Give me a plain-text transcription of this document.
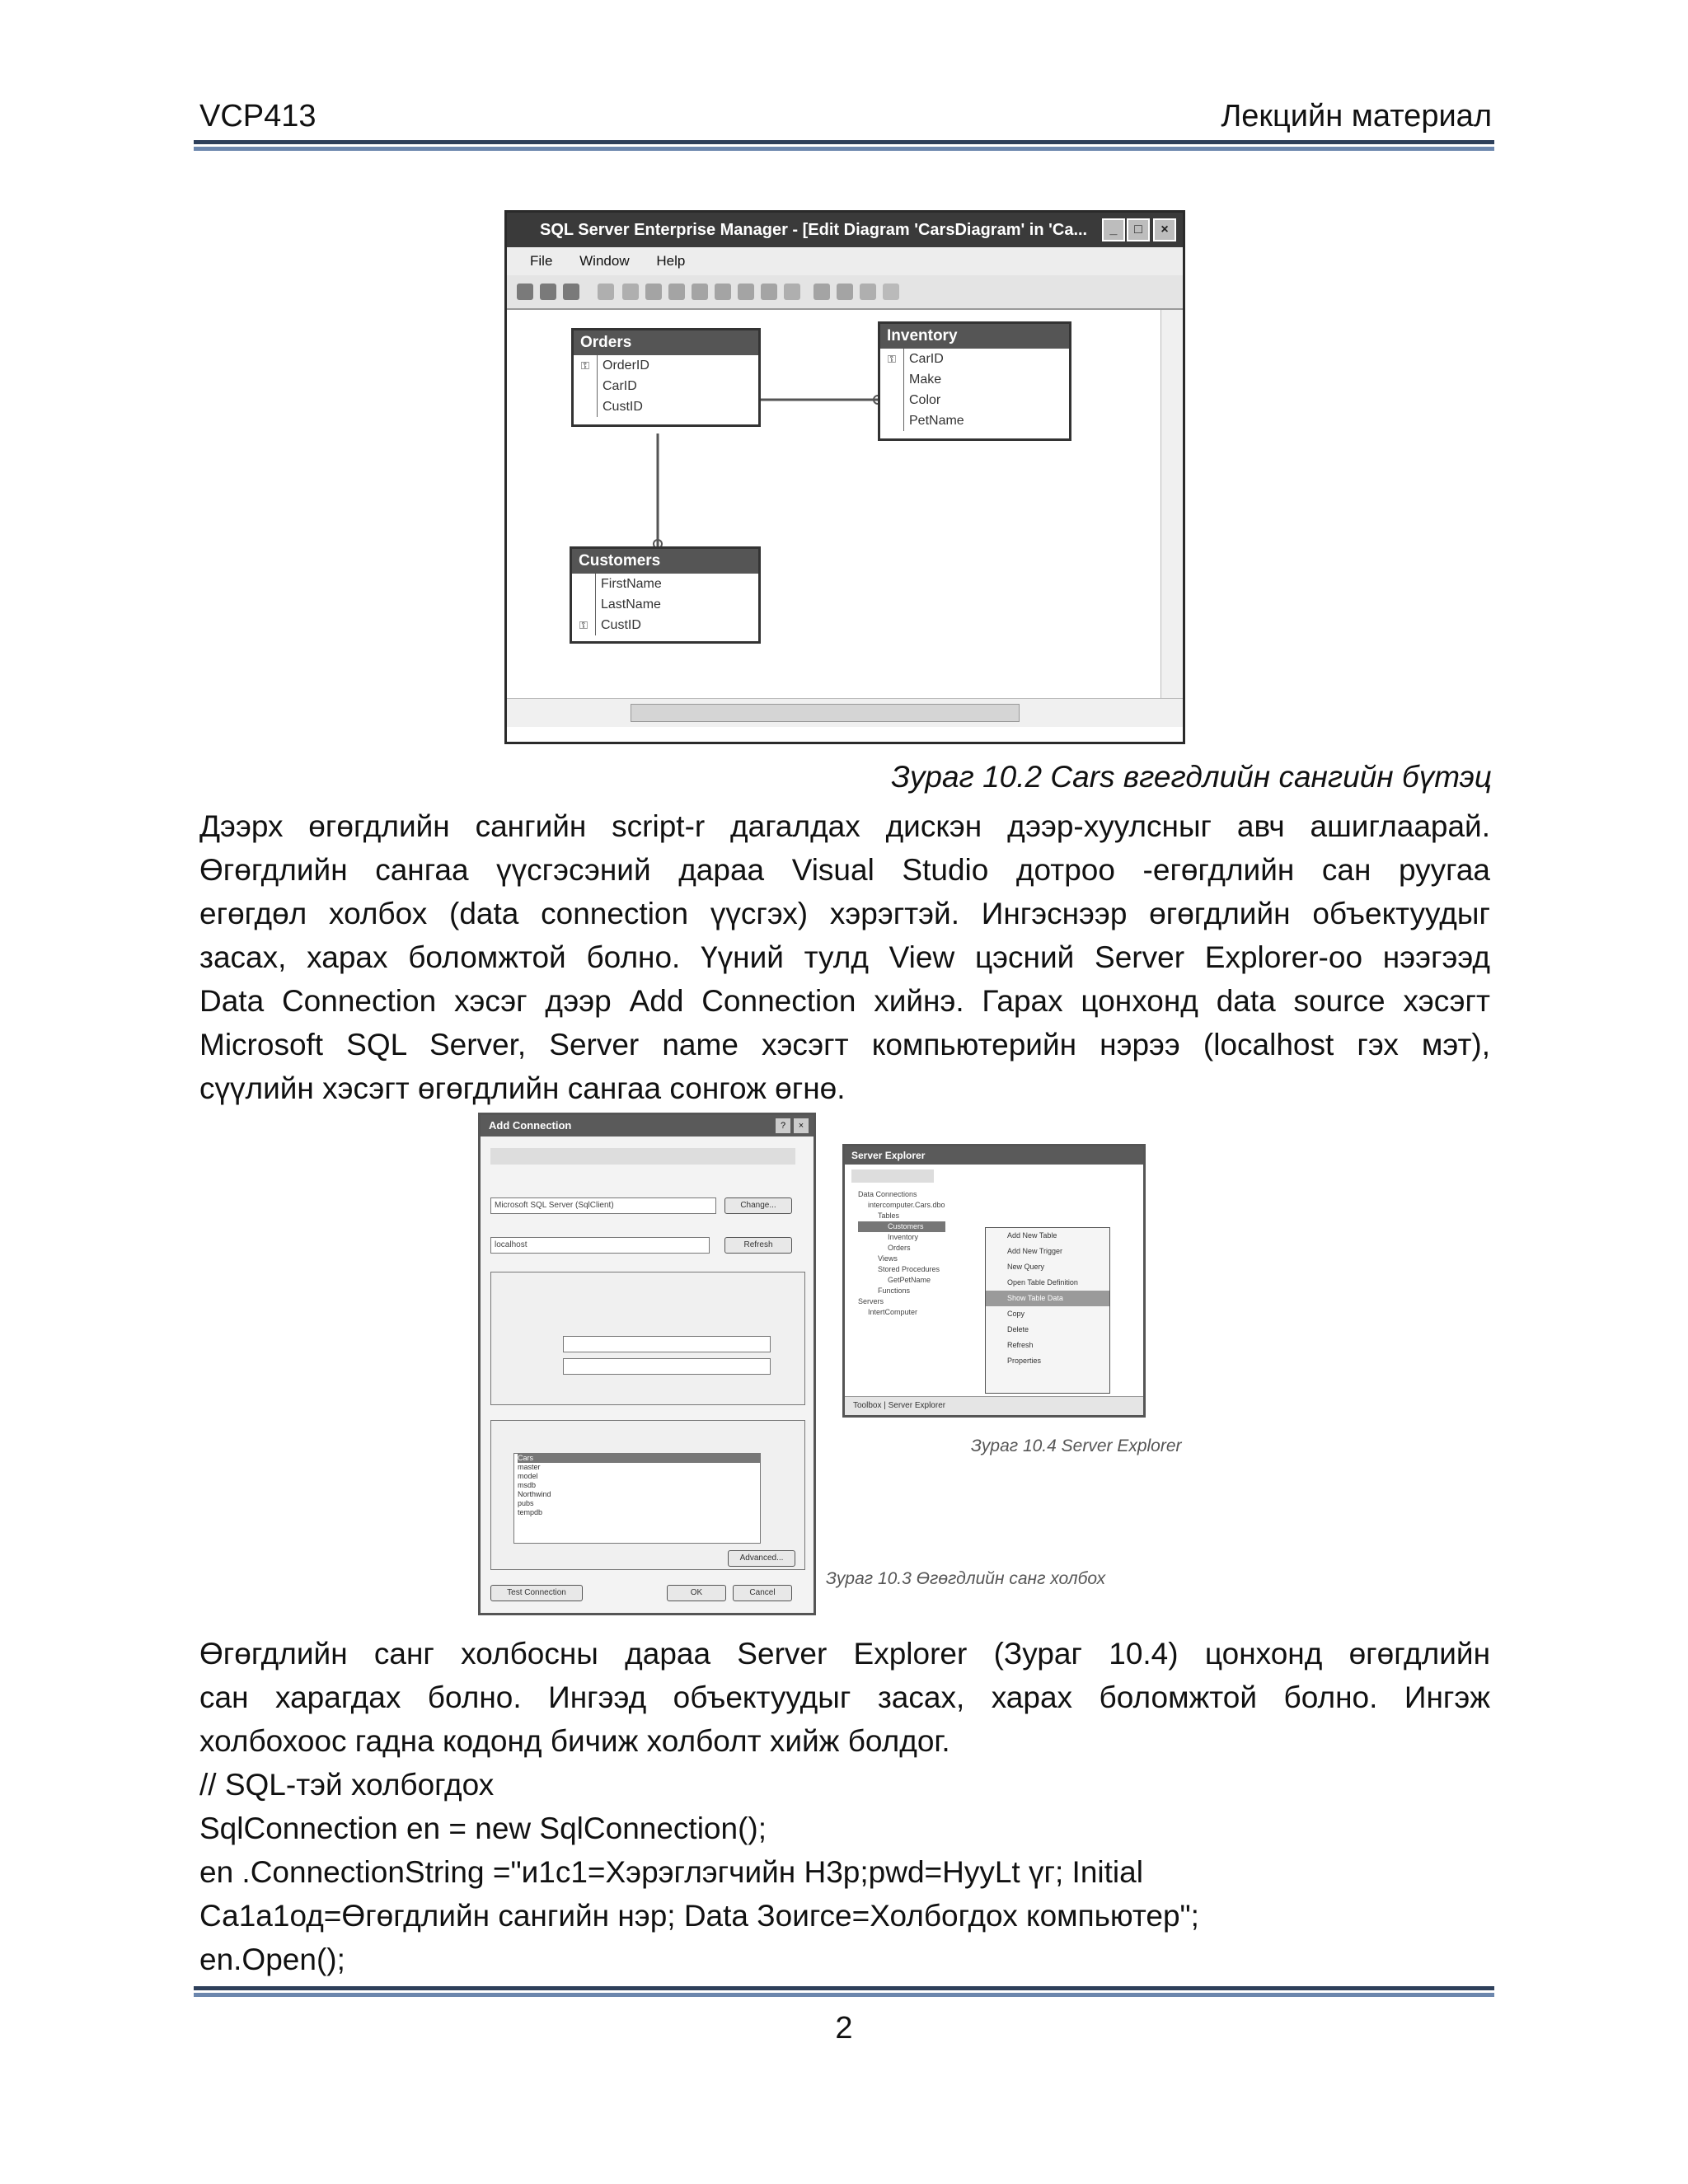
VCP413	Лекцийн материал
SQL Server Enterprise Manager - [Edit Diagram 'CarsDiagram' in 'Ca...	_	□	×
File Window Help
Orders
⚿	OrderID
CarID
CustID
Inventory
⚿	CarID
Make
Color
PetName
Customers
FirstName
LastName
⚿	CustID
Зураг 10.2 Cars вгегдлийн сангийн бүтэц
Дээрх өгөгдлийн сангийн script-r дагалдах дискэн дээр-хуулсныг авч ашиглаарай.
Өгөгдлийн сангаа үүсгэсэний дараа Visual Studio дотроо -егөгдлийн сан руугаа
егөгдөл холбох (data connection үүсгэх) хэрэгтэй. Ингэснээр өгөгдлийн объектуудыг
засах, харах боломжтой болно. Үүний тулд View цэсний Server Explorer-оо нээгээд
Data Connection хэсэг дээр Add Connection хийнэ. Гарах цонхонд data source хэсэгт
Microsoft SQL Server, Server name хэсэгт компьютерийн нэрээ (localhost гэх мэт),
сүүлийн хэсэгт өгөгдлийн сангаа сонгож өгнө.
Add Connection	?	×
Microsoft SQL Server (SqlClient)	Change...
localhost	Refresh
Cars
master
model
msdb
Northwind
pubs
tempdb
Advanced...
Test Connection	OK	Cancel
Зураг 10.3 Өгөгдлийн санг холбох
Server Explorer
Data Connections
intercomputer.Cars.dbo
Tables
Customers
Inventory
Orders
Views
Stored Procedures
GetPetName
Functions
Servers
IntertComputer
Add New Table
Add New Trigger
New Query
Open Table Definition
Show Table Data
Copy
Delete
Refresh
Properties
Toolbox | Server Explorer
Зураг 10.4 Server Explorer
Өгөгдлийн санг холбосны дараа Server Explorer (Зураг 10.4) цонхонд өгөгдлийн
сан харагдах болно. Ингээд объектуудыг засах, харах боломжтой болно. Ингэж
холбохоос гадна кодонд бичиж холболт хийж болдог.
// SQL-тэй холбогдох
SqlConnection en = new SqlConnection();
en .ConnectionString ="и1с1=Хэрэглэгчийн Н3р;pwd=НуyLt үг; Initial
Са1а1од=Өгөгдлийн сангийн нэр; Data Зоигсе=Холбогдох компьютер";
en.Open();
2
